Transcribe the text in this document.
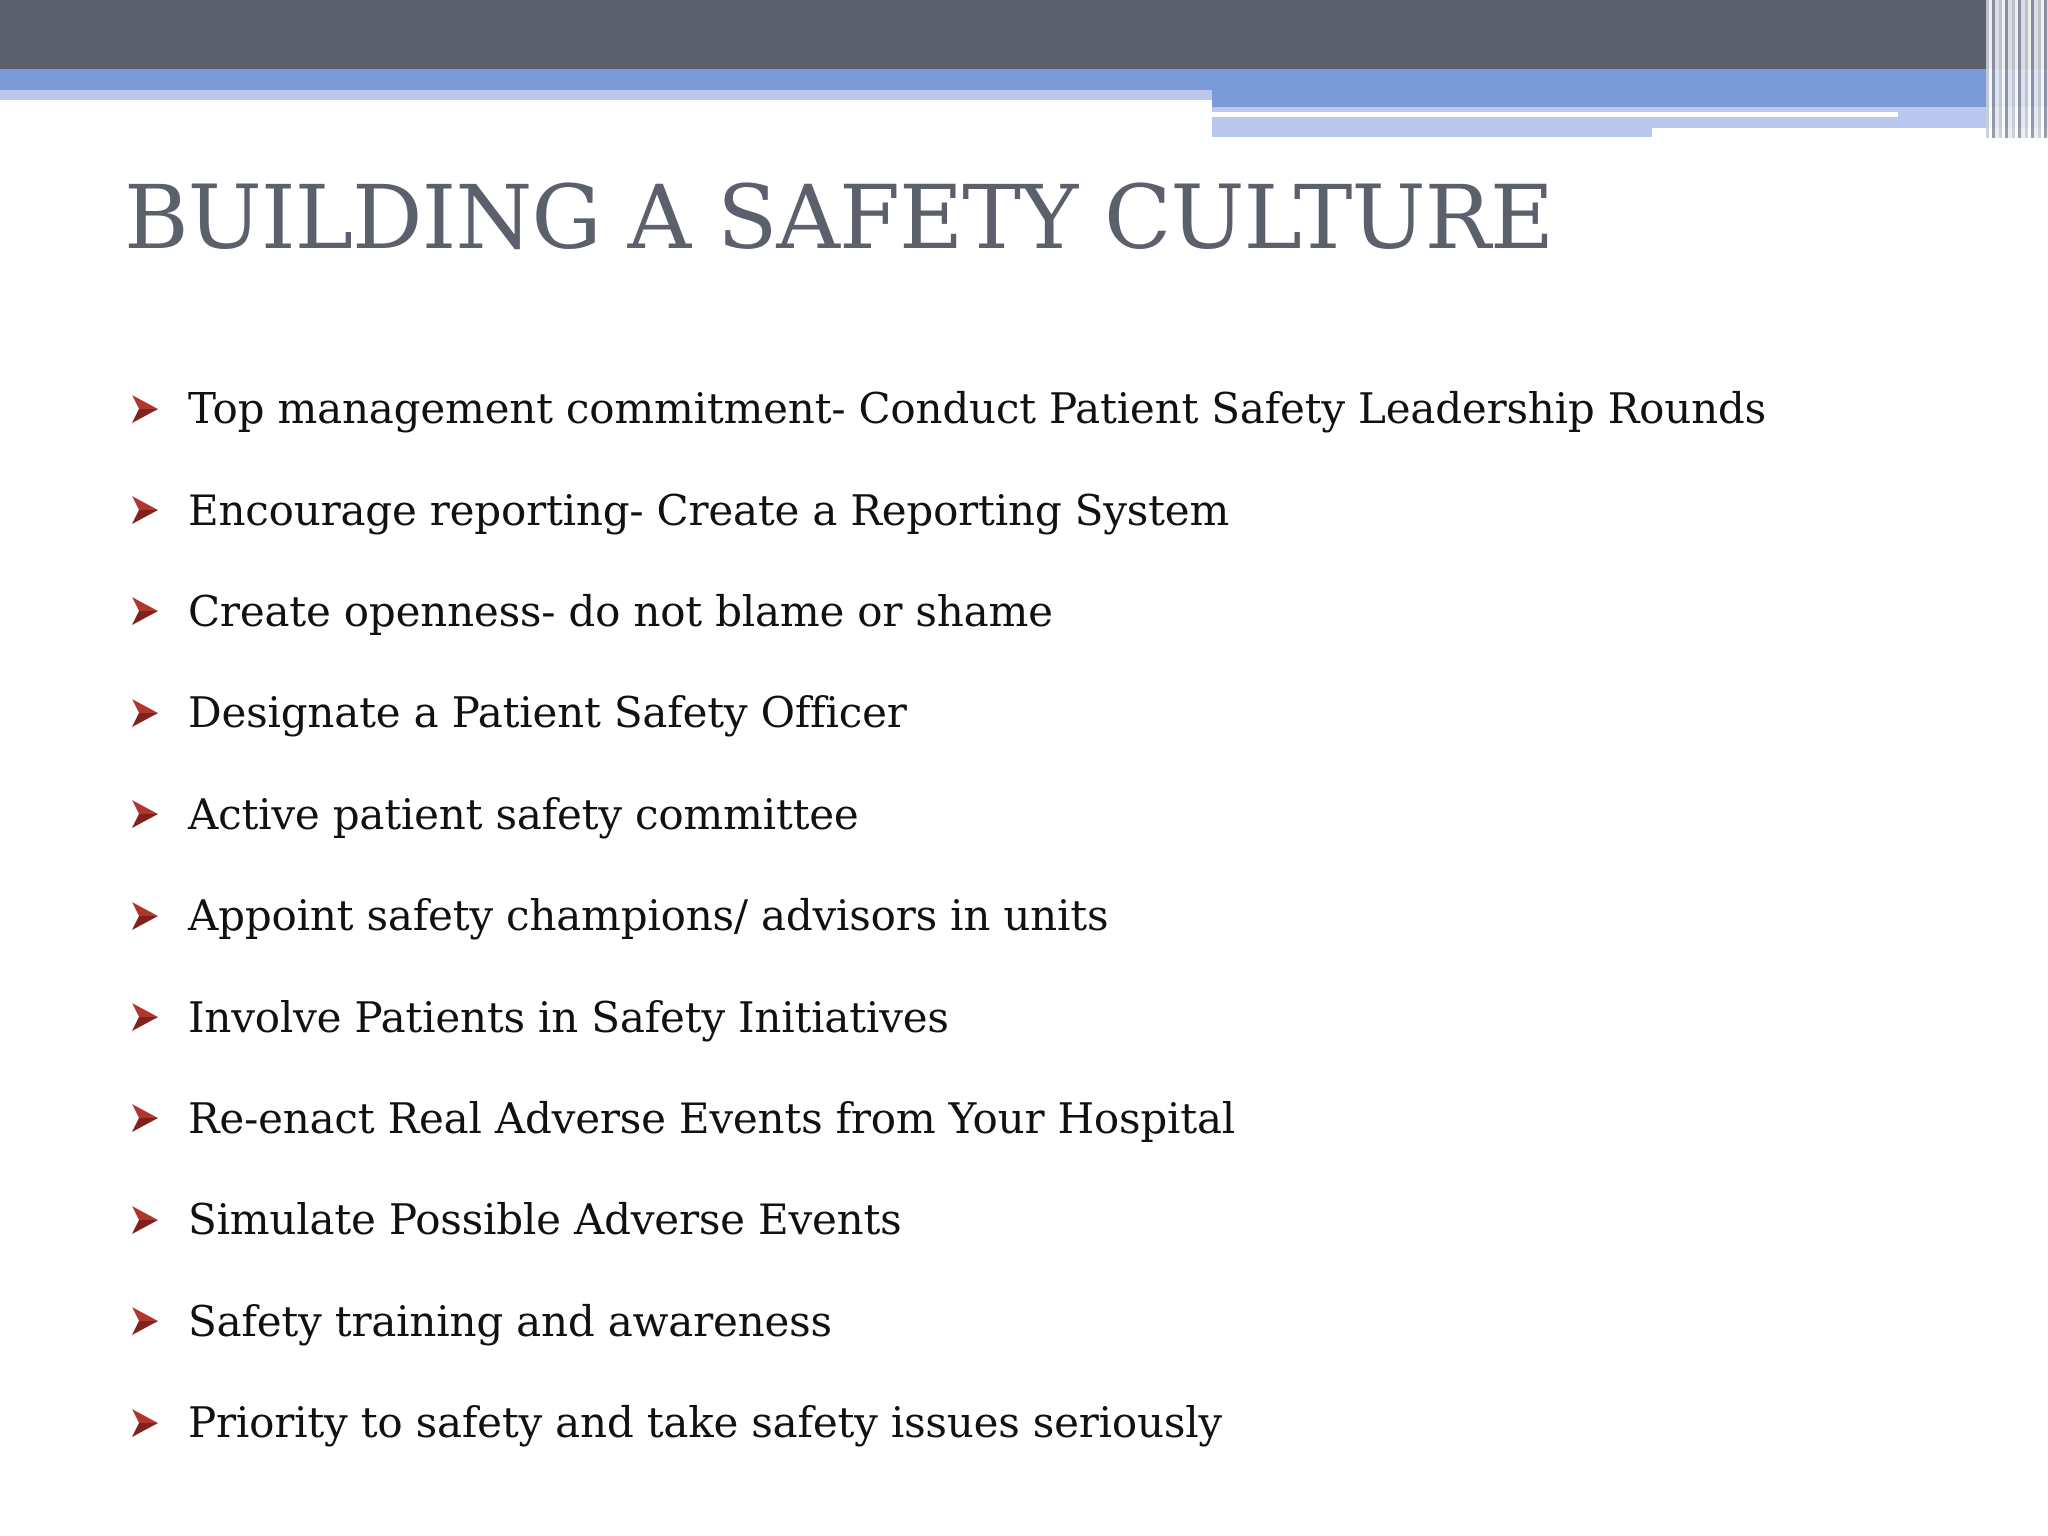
BUILDING A SAFETY CULTURE
Top management commitment- Conduct Patient Safety Leadership Rounds
Encourage reporting- Create a Reporting System
Create openness- do not blame or shame
Designate a Patient Safety Officer
Active patient safety committee
Appoint safety champions/ advisors in units
Involve Patients in Safety Initiatives
Re-enact Real Adverse Events from Your Hospital
Simulate Possible Adverse Events
Safety training and awareness
Priority to safety and take safety issues seriously
